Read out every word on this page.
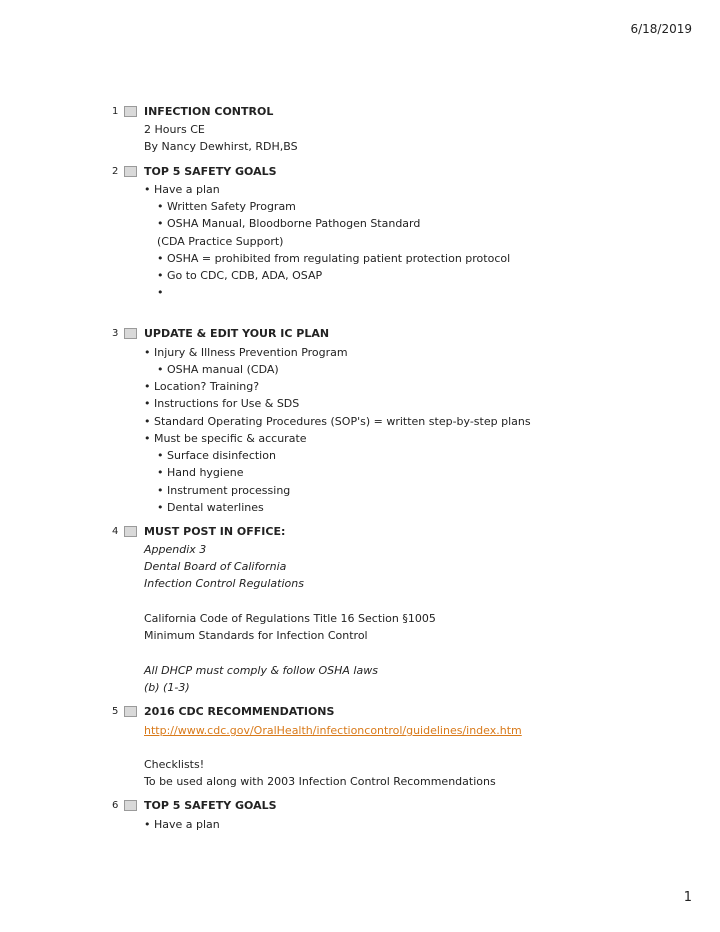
6/18/2019
1 INFECTION CONTROL
2 Hours CE
By Nancy Dewhirst, RDH,BS
2 TOP 5 SAFETY GOALS
• Have a plan
• Written Safety Program
• OSHA Manual, Bloodborne Pathogen Standard
(CDA Practice Support)
• OSHA = prohibited from regulating patient protection protocol
• Go to CDC, CDB, ADA, OSAP
•
3 UPDATE & EDIT YOUR IC PLAN
• Injury & Illness Prevention Program
• OSHA manual (CDA)
• Location? Training?
• Instructions for Use & SDS
• Standard Operating Procedures (SOP's) = written step-by-step plans
• Must be specific & accurate
• Surface disinfection
• Hand hygiene
• Instrument processing
• Dental waterlines
4 MUST POST IN OFFICE:
Appendix 3
Dental Board of California
Infection Control Regulations
California Code of Regulations Title 16 Section §1005
Minimum Standards for Infection Control
All DHCP must comply & follow OSHA laws
(b) (1-3)
5 2016 CDC RECOMMENDATIONS
http://www.cdc.gov/OralHealth/infectioncontrol/guidelines/index.htm
Checklists!
To be used along with 2003 Infection Control Recommendations
6 TOP 5 SAFETY GOALS
• Have a plan
1
